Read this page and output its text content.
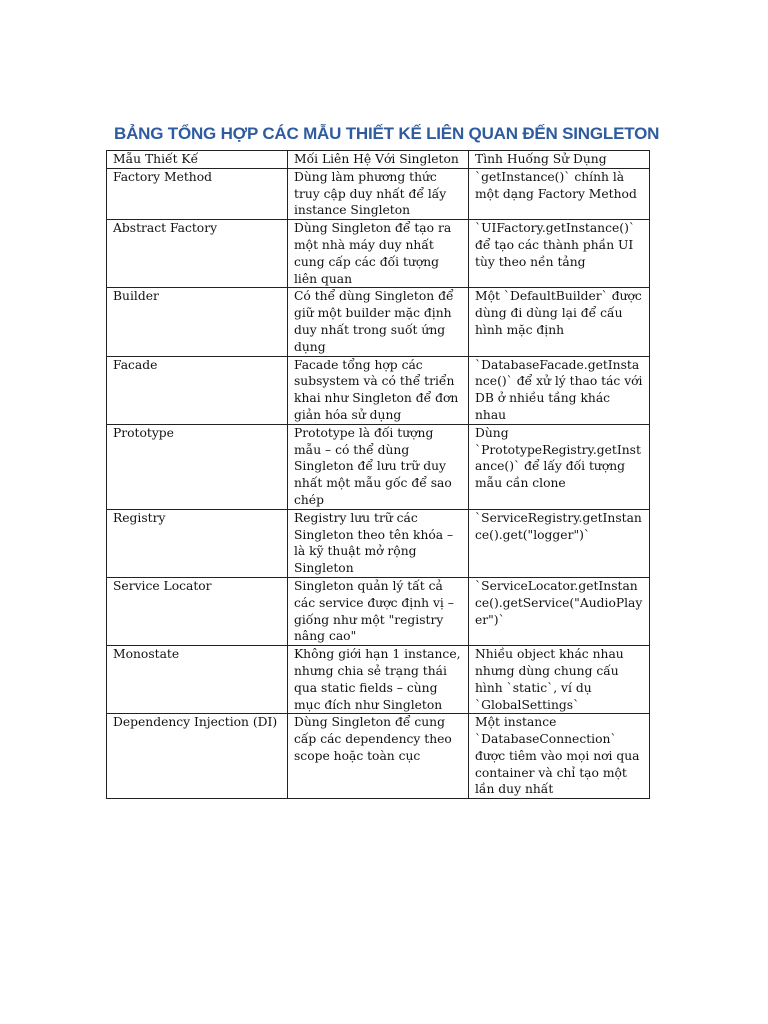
BẢNG TỔNG HỢP CÁC MẪU THIẾT KẾ LIÊN QUAN ĐẾN SINGLETON
Mẫu Thiết Kế	Mối Liên Hệ Với Singleton	Tình Huống Sử Dụng
Factory Method	Dùng làm phương thức truy cập duy nhất để lấy instance Singleton	`getInstance()` chính là một dạng Factory Method
Abstract Factory	Dùng Singleton để tạo ra một nhà máy duy nhất cung cấp các đối tượng liên quan	`UIFactory.getInstance()` để tạo các thành phần UI tùy theo nền tảng
Builder	Có thể dùng Singleton để giữ một builder mặc định duy nhất trong suốt ứng dụng	Một `DefaultBuilder` được dùng đi dùng lại để cấu hình mặc định
Facade	Facade tổng hợp các subsystem và có thể triển khai như Singleton để đơn giản hóa sử dụng	`DatabaseFacade.getInstance()` để xử lý thao tác với DB ở nhiều tầng khác nhau
Prototype	Prototype là đối tượng mẫu – có thể dùng Singleton để lưu trữ duy nhất một mẫu gốc để sao chép	Dùng `PrototypeRegistry.getInstance()` để lấy đối tượng mẫu cần clone
Registry	Registry lưu trữ các Singleton theo tên khóa – là kỹ thuật mở rộng Singleton	`ServiceRegistry.getInstance().get("logger")`
Service Locator	Singleton quản lý tất cả các service được định vị – giống như một "registry nâng cao"	`ServiceLocator.getInstance().getService("AudioPlayer")`
Monostate	Không giới hạn 1 instance, nhưng chia sẻ trạng thái qua static fields – cùng mục đích như Singleton	Nhiều object khác nhau nhưng dùng chung cấu hình `static`, ví dụ `GlobalSettings`
Dependency Injection (DI)	Dùng Singleton để cung cấp các dependency theo scope hoặc toàn cục	Một instance `DatabaseConnection` được tiêm vào mọi nơi qua container và chỉ tạo một lần duy nhất
